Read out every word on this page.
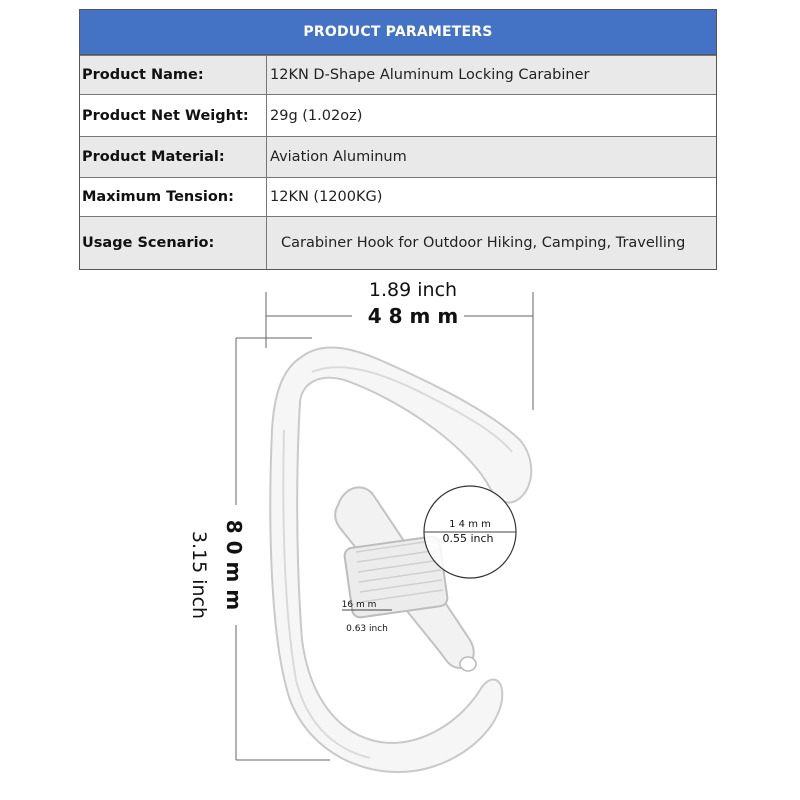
PRODUCT PARAMETERS
Product Name:	12KN D-Shape Aluminum Locking Carabiner
Product Net Weight:	29g (1.02oz)
Product Material:	Aviation Aluminum
Maximum Tension:	12KN (1200KG)
Usage Scenario:	Carabiner Hook for Outdoor Hiking, Camping, Travelling
1.89 inch
4 8 m m
8 0 m m
3.15 inch
1 4 m m
0.55 inch
16 m m
0.63 inch
